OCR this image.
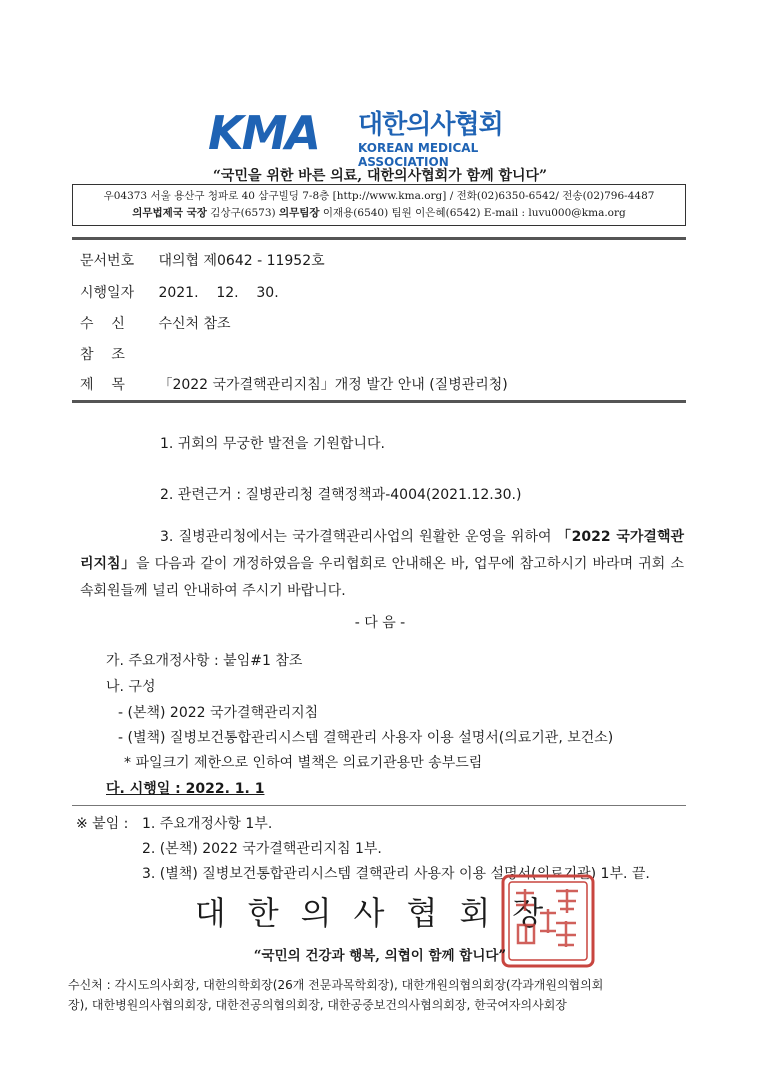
KMA 대한의사협회
KOREAN MEDICAL ASSOCIATION
“국민을 위한 바른 의료, 대한의사협회가 함께 합니다”
우04373 서울 용산구 청파로 40 삼구빌딩 7-8층 [http://www.kma.org] / 전화(02)6350-6542/ 전송(02)796-4487
의무법제국 국장 김상구(6573) 의무팀장 이재용(6540) 팀원 이은혜(6542) E-mail : luvu000@kma.org
문서번호 대의협 제0642 - 11952호
시행일자 2021.    12.    30.
수    신 수신처 참조
참    조
제    목 「2022 국가결핵관리지침」개정 발간 안내 (질병관리청)
1. 귀회의 무궁한 발전을 기원합니다.
2. 관련근거 : 질병관리청 결핵정책과-4004(2021.12.30.)
3. 질병관리청에서는 국가결핵관리사업의 원활한 운영을 위하여 「2022 국가결핵관리지침」을 다음과 같이 개정하였음을 우리협회로 안내해온 바, 업무에 참고하시기 바라며 귀회 소속회원들께 널리 안내하여 주시기 바랍니다.
- 다 음 -
가. 주요개정사항 : 붙임#1 참조
나. 구성
- (본책) 2022 국가결핵관리지침
- (별책) 질병보건통합관리시스템 결핵관리 사용자 이용 설명서(의료기관, 보건소)
* 파일크기 제한으로 인하여 별책은 의료기관용만 송부드림
다. 시행일 : 2022. 1. 1
※ 붙임 : 1. 주요개정사항 1부.
2. (본책) 2022 국가결핵관리지침 1부.
3. (별책) 질병보건통합관리시스템 결핵관리 사용자 이용 설명서(의료기관) 1부. 끝.
대한의사협회장
“국민의 건강과 행복, 의협이 함께 합니다”
수신처 : 각시도의사회장, 대한의학회장(26개 전문과목학회장), 대한개원의협의회장(각과개원의협의회
장), 대한병원의사협의회장, 대한전공의협의회장, 대한공중보건의사협의회장, 한국여자의사회장
